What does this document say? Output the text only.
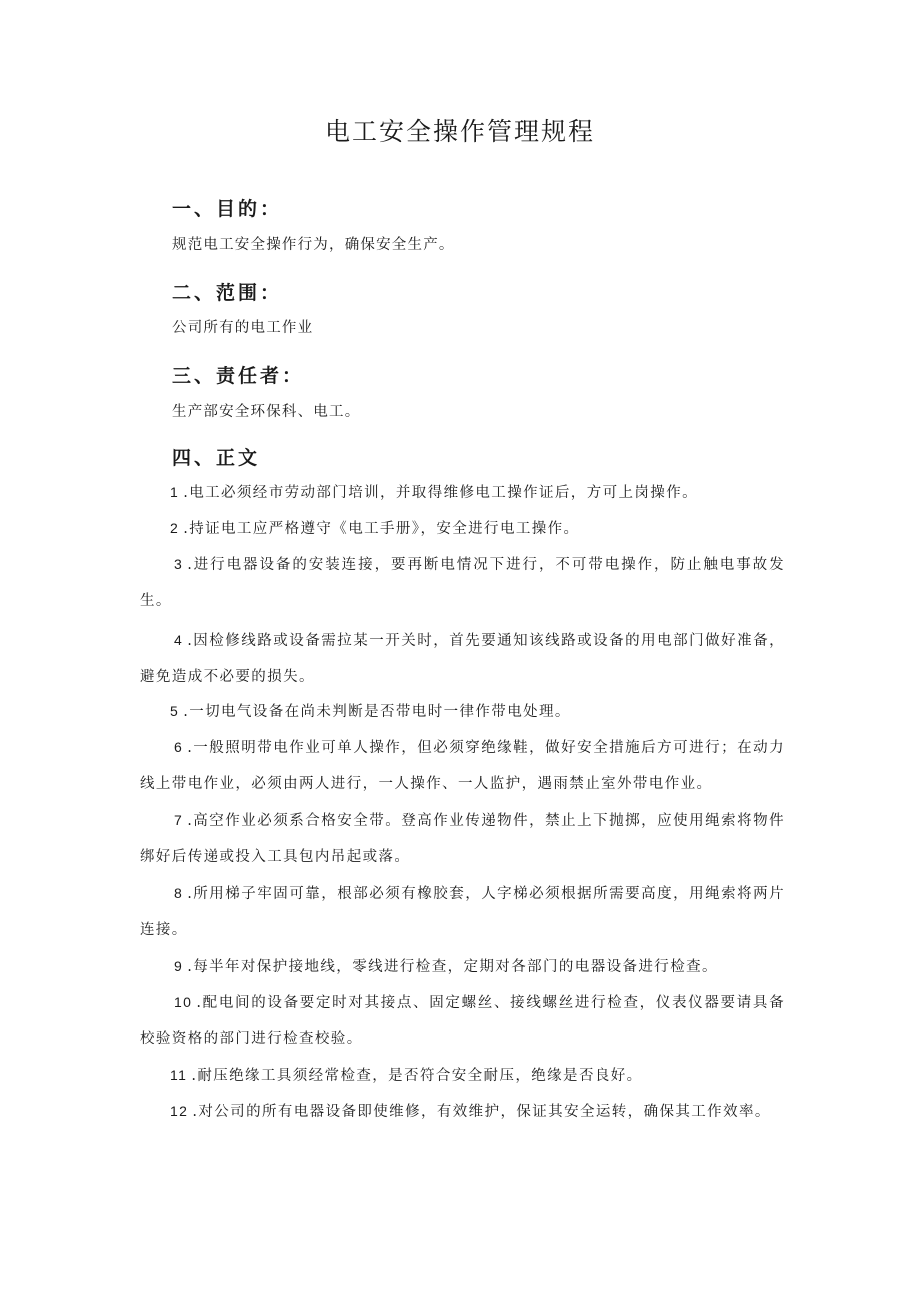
电工安全操作管理规程
一、目的：
规范电工安全操作行为，确保安全生产。
二、范围：
公司所有的电工作业
三、责任者：
生产部安全环保科、电工。
四、正文
1 .电工必须经市劳动部门培训，并取得维修电工操作证后，方可上岗操作。
2 .持证电工应严格遵守《电工手册》，安全进行电工操作。
3 .进行电器设备的安装连接，要再断电情况下进行，不可带电操作，防止触电事故发生。
4 .因检修线路或设备需拉某一开关时，首先要通知该线路或设备的用电部门做好准备，避免造成不必要的损失。
5 .一切电气设备在尚未判断是否带电时一律作带电处理。
6 .一般照明带电作业可单人操作，但必须穿绝缘鞋，做好安全措施后方可进行；在动力线上带电作业，必须由两人进行，一人操作、一人监护，遇雨禁止室外带电作业。
7 .高空作业必须系合格安全带。登高作业传递物件，禁止上下抛掷，应使用绳索将物件绑好后传递或投入工具包内吊起或落。
8 .所用梯子牢固可靠，根部必须有橡胶套，人字梯必须根据所需要高度，用绳索将两片连接。
9 .每半年对保护接地线，零线进行检查，定期对各部门的电器设备进行检查。
10 .配电间的设备要定时对其接点、固定螺丝、接线螺丝进行检查，仪表仪器要请具备校验资格的部门进行检查校验。
11 .耐压绝缘工具须经常检查，是否符合安全耐压，绝缘是否良好。
12 .对公司的所有电器设备即使维修，有效维护，保证其安全运转，确保其工作效率。
